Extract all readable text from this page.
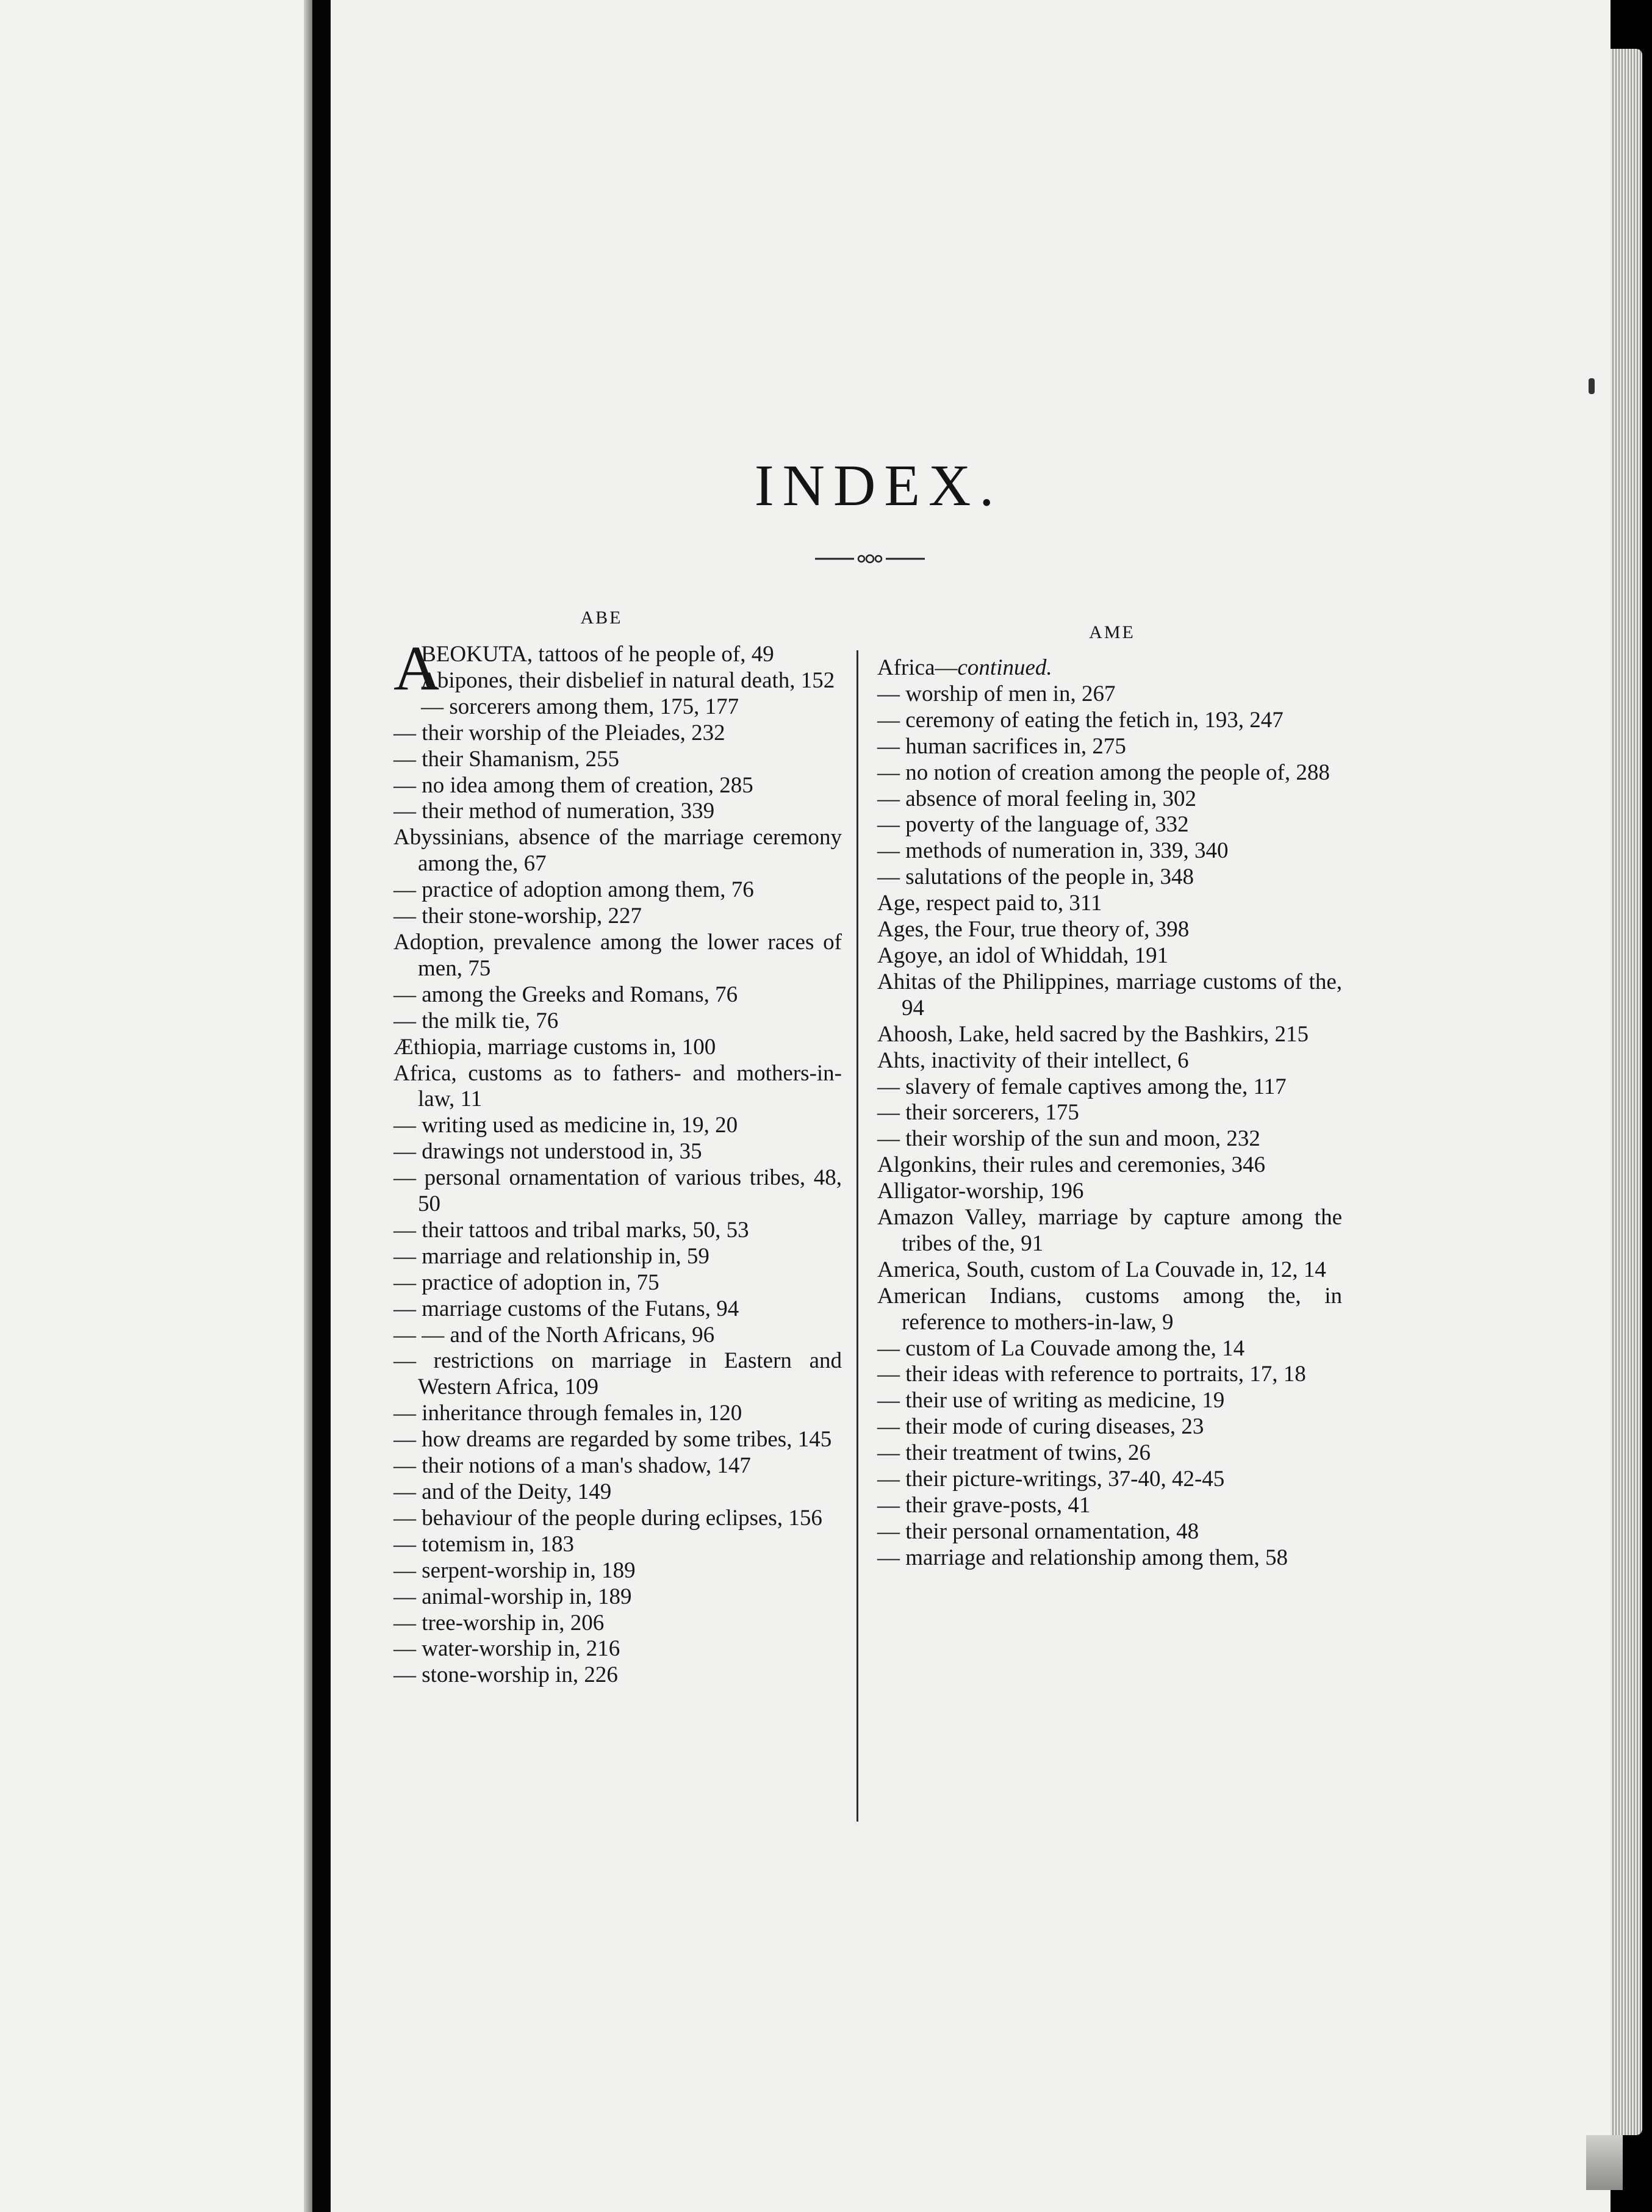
INDEX.
ABE
AME

A
BEOKUTA, tattoos of he people of, 49

Abipones, their disbelief in natural death, 152

— sorcerers among them, 175, 177

— their worship of the Pleiades, 232

— their Shamanism, 255

— no idea among them of creation, 285

— their method of numeration, 339

Abyssinians, absence of the marriage ceremony among the, 67

— practice of adoption among them, 76

— their stone-worship, 227

Adoption, prevalence among the lower races of men, 75

— among the Greeks and Romans, 76

— the milk tie, 76

Æthiopia, marriage customs in, 100

Africa, customs as to fathers- and mothers-in-law, 11

— writing used as medicine in, 19, 20

— drawings not understood in, 35

— personal ornamentation of various tribes, 48, 50

— their tattoos and tribal marks, 50, 53

— marriage and relationship in, 59

— practice of adoption in, 75

— marriage customs of the Futans, 94

— — and of the North Africans, 96

— restrictions on marriage in Eastern and Western Africa, 109

— inheritance through females in, 120

— how dreams are regarded by some tribes, 145

— their notions of a man's shadow, 147

— and of the Deity, 149

— behaviour of the people during eclipses, 156

— totemism in, 183

— serpent-worship in, 189

— animal-worship in, 189

— tree-worship in, 206

— water-worship in, 216

— stone-worship in, 226

Africa—continued.

— worship of men in, 267

— ceremony of eating the fetich in, 193, 247

— human sacrifices in, 275

— no notion of creation among the people of, 288

— absence of moral feeling in, 302

— poverty of the language of, 332

— methods of numeration in, 339, 340

— salutations of the people in, 348

Age, respect paid to, 311

Ages, the Four, true theory of, 398

Agoye, an idol of Whiddah, 191

Ahitas of the Philippines, marriage customs of the, 94

Ahoosh, Lake, held sacred by the Bashkirs, 215

Ahts, inactivity of their intellect, 6

— slavery of female captives among the, 117

— their sorcerers, 175

— their worship of the sun and moon, 232

Algonkins, their rules and ceremonies, 346

Alligator-worship, 196

Amazon Valley, marriage by capture among the tribes of the, 91

America, South, custom of La Couvade in, 12, 14

American Indians, customs among the, in reference to mothers-in-law, 9

— custom of La Couvade among the, 14

— their ideas with reference to portraits, 17, 18

— their use of writing as medicine, 19

— their mode of curing diseases, 23

— their treatment of twins, 26

— their picture-writings, 37-40, 42-45

— their grave-posts, 41

— their personal ornamentation, 48

— marriage and relationship among them, 58
